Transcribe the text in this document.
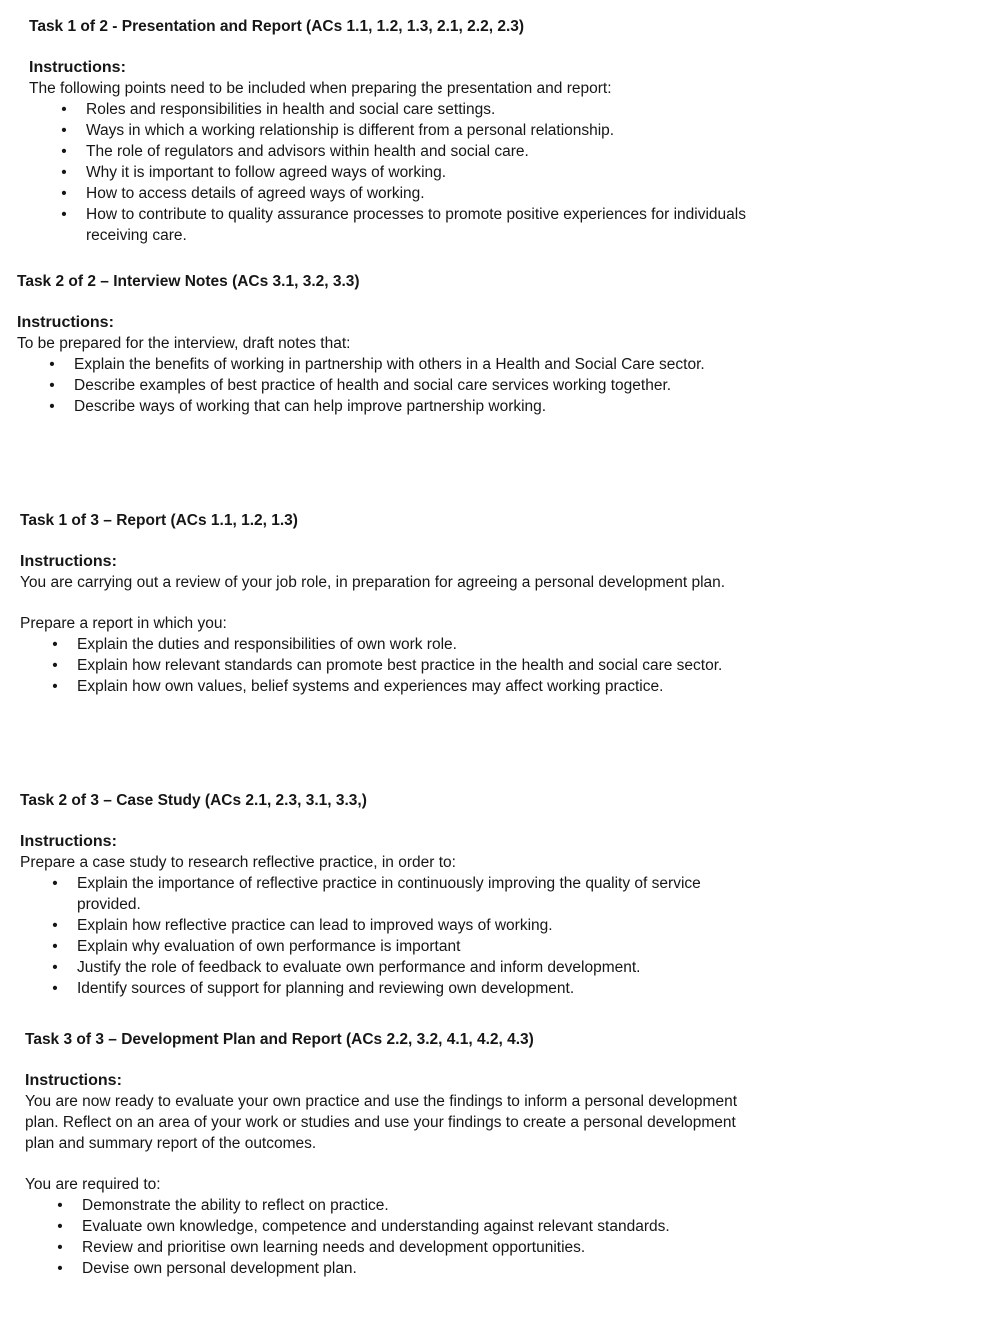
Task 1 of 2 - Presentation and Report (ACs 1.1, 1.2, 1.3, 2.1, 2.2, 2.3)

Instructions:

The following points need to be included when preparing the presentation and report:

• Roles and responsibilities in health and social care settings.
• Ways in which a working relationship is different from a personal relationship.
• The role of regulators and advisors within health and social care.
• Why it is important to follow agreed ways of working.
• How to access details of agreed ways of working.
• How to contribute to quality assurance processes to promote positive experiences for individuals receiving care.

Task 2 of 2 – Interview Notes (ACs 3.1, 3.2, 3.3)

Instructions:

To be prepared for the interview, draft notes that:

• Explain the benefits of working in partnership with others in a Health and Social Care sector.
• Describe examples of best practice of health and social care services working together.
• Describe ways of working that can help improve partnership working.

Task 1 of 3 – Report (ACs 1.1, 1.2, 1.3)

Instructions:

You are carrying out a review of your job role, in preparation for agreeing a personal development plan.

Prepare a report in which you:

• Explain the duties and responsibilities of own work role.
• Explain how relevant standards can promote best practice in the health and social care sector.
• Explain how own values, belief systems and experiences may affect working practice.

Task 2 of 3 – Case Study (ACs 2.1, 2.3, 3.1, 3.3,)

Instructions:

Prepare a case study to research reflective practice, in order to:

• Explain the importance of reflective practice in continuously improving the quality of service provided.
• Explain how reflective practice can lead to improved ways of working.
• Explain why evaluation of own performance is important
• Justify the role of feedback to evaluate own performance and inform development.
• Identify sources of support for planning and reviewing own development.

Task 3 of 3 – Development Plan and Report (ACs 2.2, 3.2, 4.1, 4.2, 4.3)

Instructions:

You are now ready to evaluate your own practice and use the findings to inform a personal development plan. Reflect on an area of your work or studies and use your findings to create a personal development plan and summary report of the outcomes.

You are required to:

• Demonstrate the ability to reflect on practice.
• Evaluate own knowledge, competence and understanding against relevant standards.
• Review and prioritise own learning needs and development opportunities.
• Devise own personal development plan.
